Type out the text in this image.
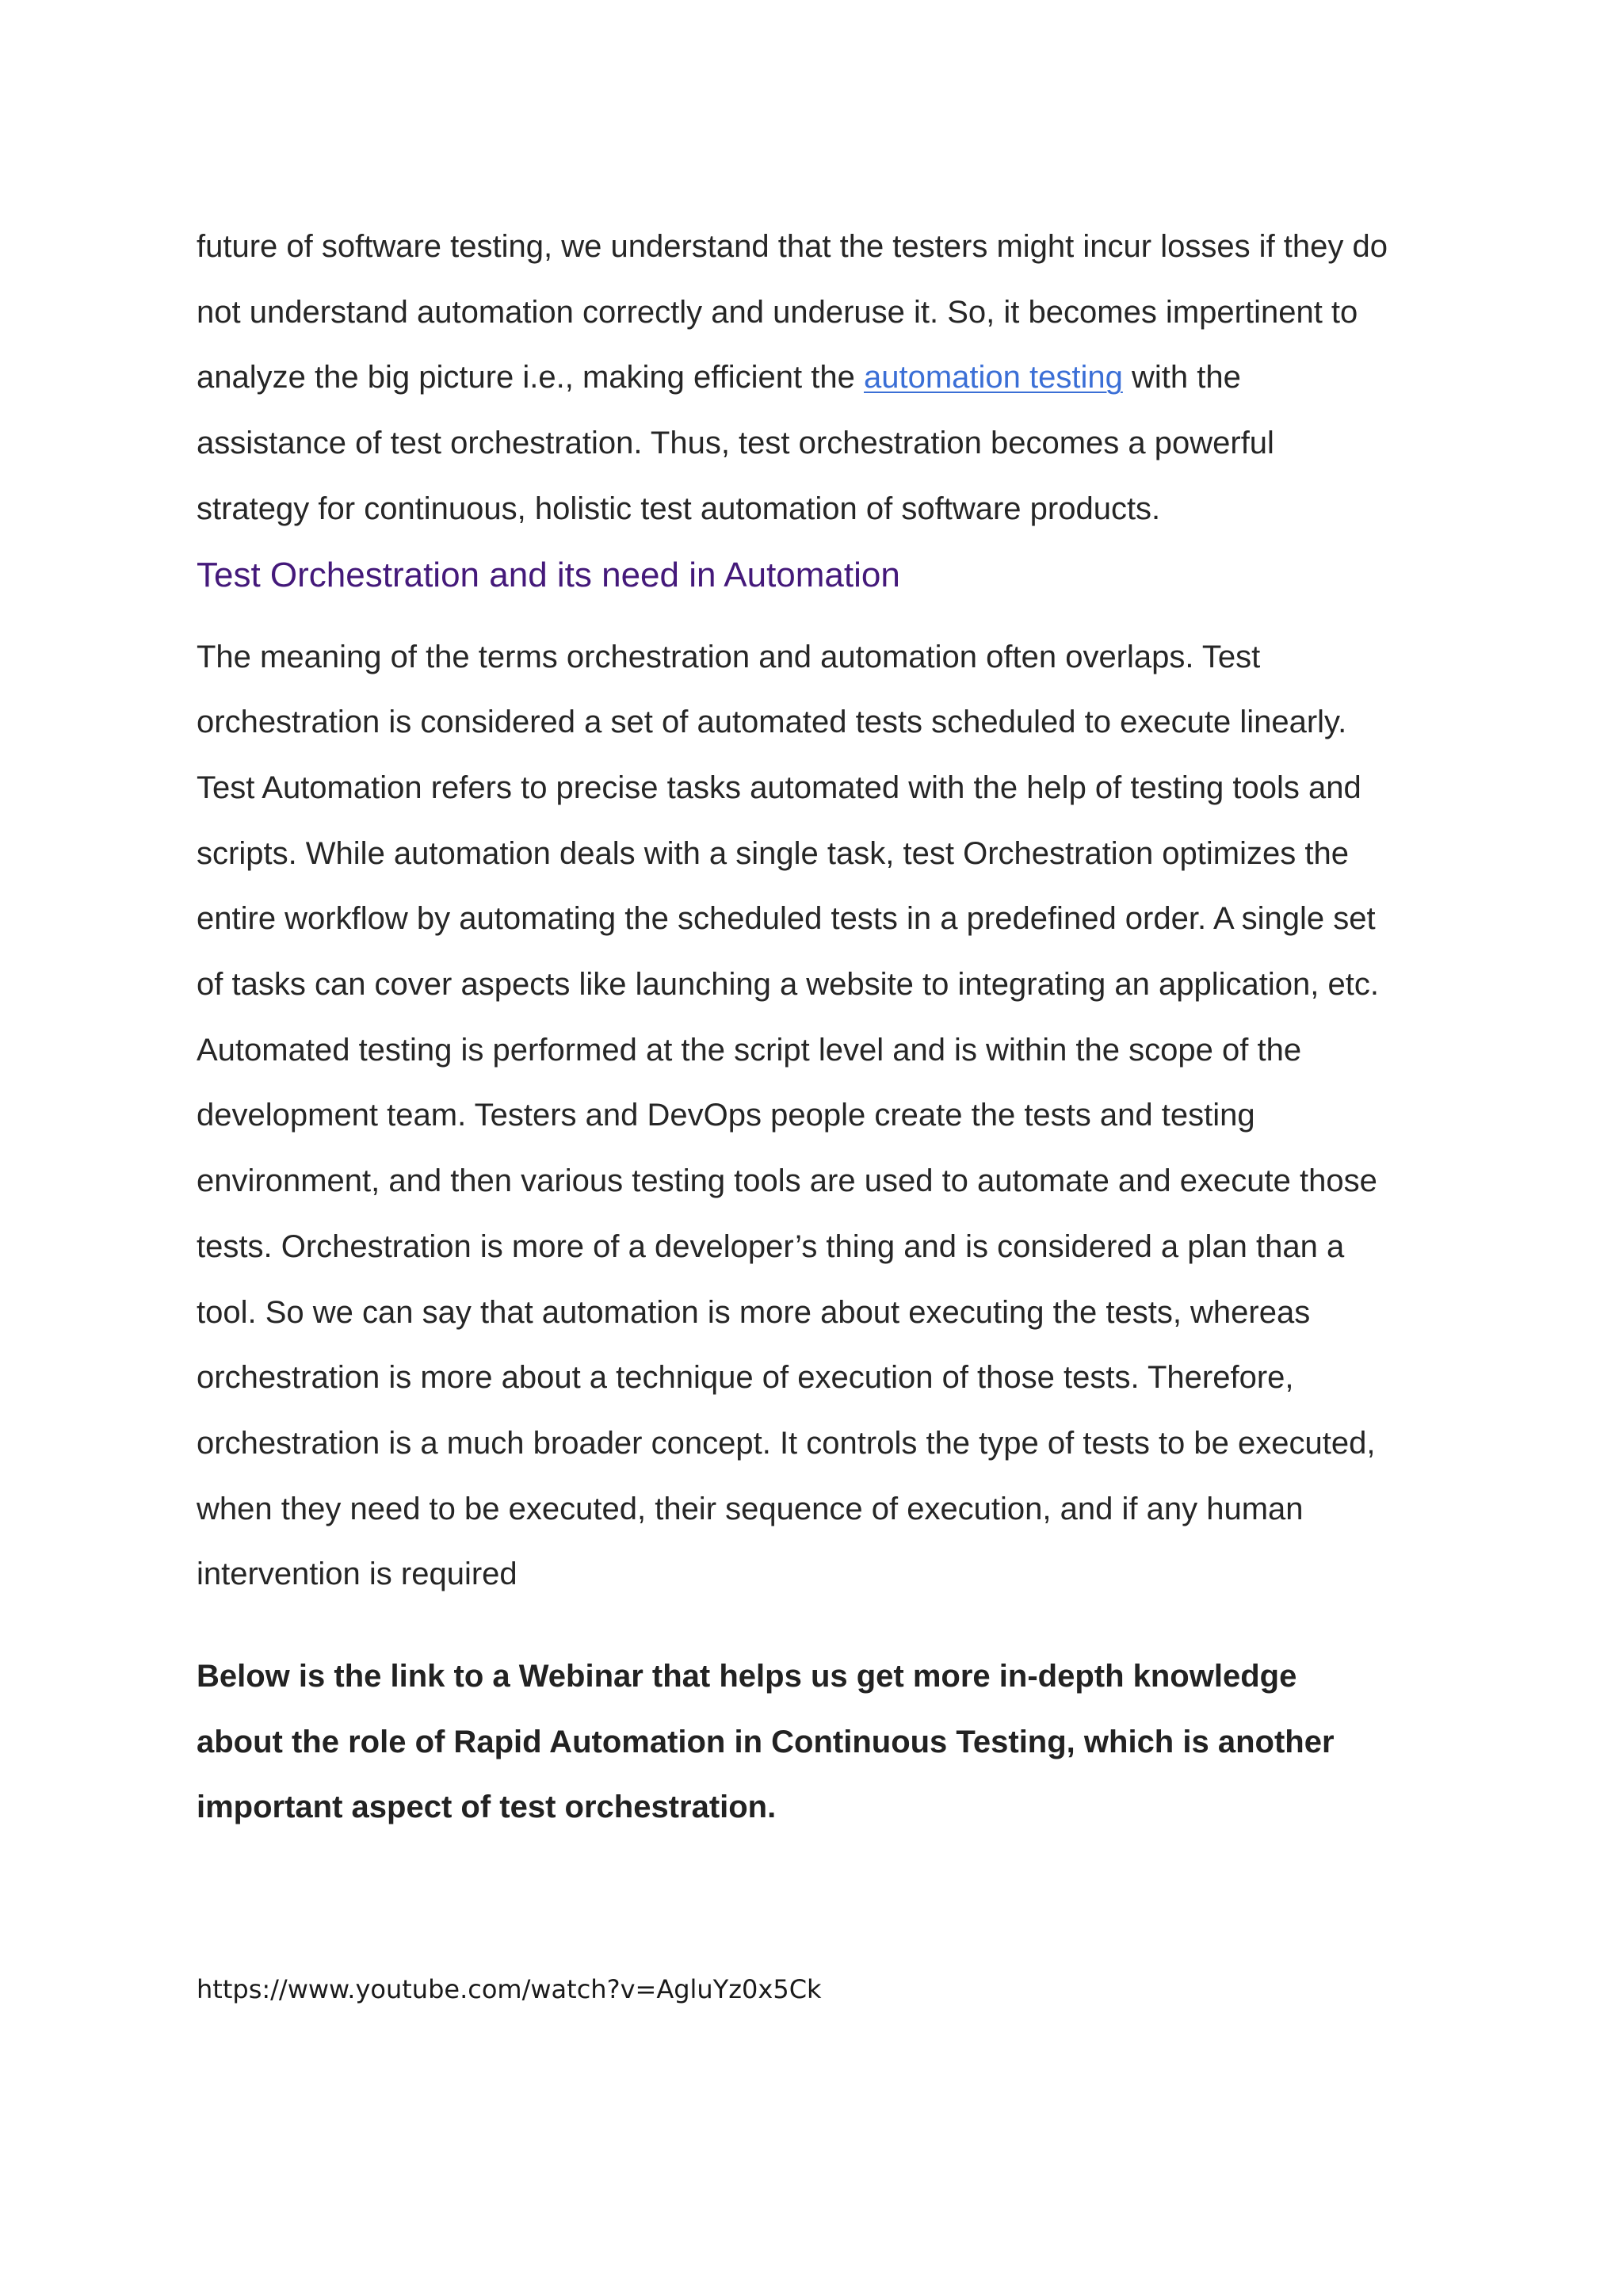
future of software testing, we understand that the testers might incur losses if they do
not understand automation correctly and underuse it. So, it becomes impertinent to
analyze the big picture i.e., making efficient the automation testing with the
assistance of test orchestration. Thus, test orchestration becomes a powerful
strategy for continuous, holistic test automation of software products.

Test Orchestration and its need in Automation

The meaning of the terms orchestration and automation often overlaps. Test
orchestration is considered a set of automated tests scheduled to execute linearly.
Test Automation refers to precise tasks automated with the help of testing tools and
scripts. While automation deals with a single task, test Orchestration optimizes the
entire workflow by automating the scheduled tests in a predefined order. A single set
of tasks can cover aspects like launching a website to integrating an application, etc.
Automated testing is performed at the script level and is within the scope of the
development team. Testers and DevOps people create the tests and testing
environment, and then various testing tools are used to automate and execute those
tests. Orchestration is more of a developer’s thing and is considered a plan than a
tool. So we can say that automation is more about executing the tests, whereas
orchestration is more about a technique of execution of those tests. Therefore,
orchestration is a much broader concept. It controls the type of tests to be executed,
when they need to be executed, their sequence of execution, and if any human
intervention is required

Below is the link to a Webinar that helps us get more in-depth knowledge
about the role of Rapid Automation in Continuous Testing, which is another
important aspect of test orchestration.

https://www.youtube.com/watch?v=AgluYz0x5Ck
